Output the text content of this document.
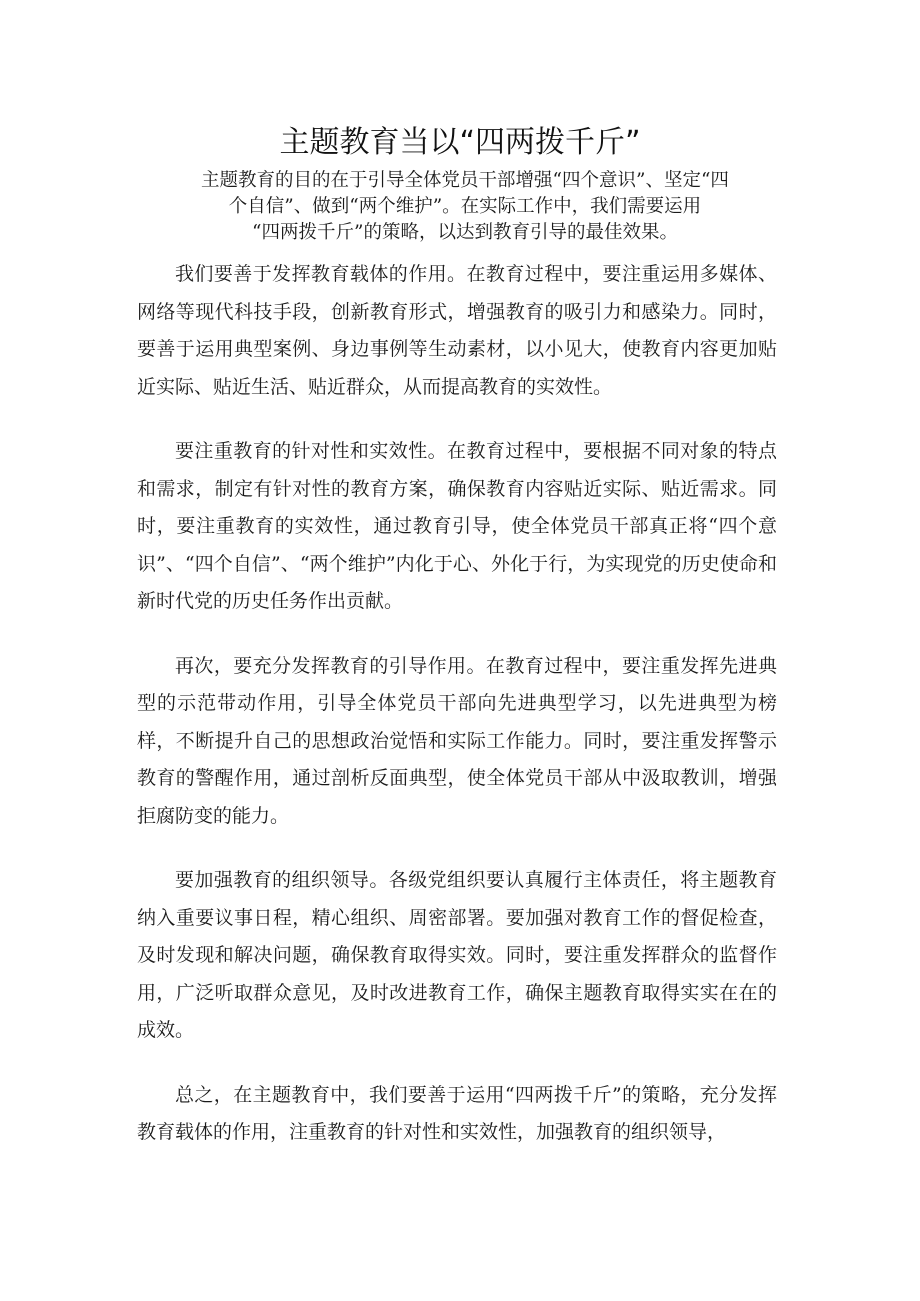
主题教育当以“四两拨千斤”
主题教育的目的在于引导全体党员干部增强“四个意识”、坚定“四
个自信”、做到“两个维护”。在实际工作中，我们需要运用
“四两拨千斤”的策略，以达到教育引导的最佳效果。

我们要善于发挥教育载体的作用。在教育过程中，要注重运用多媒体、网络等现代科技手段，创新教育形式，增强教育的吸引力和感染力。同时，要善于运用典型案例、身边事例等生动素材，以小见大，使教育内容更加贴近实际、贴近生活、贴近群众，从而提高教育的实效性。

要注重教育的针对性和实效性。在教育过程中，要根据不同对象的特点和需求，制定有针对性的教育方案，确保教育内容贴近实际、贴近需求。同时，要注重教育的实效性，通过教育引导，使全体党员干部真正将“四个意识”、“四个自信”、“两个维护”内化于心、外化于行，为实现党的历史使命和新时代党的历史任务作出贡献。

再次，要充分发挥教育的引导作用。在教育过程中，要注重发挥先进典型的示范带动作用，引导全体党员干部向先进典型学习，以先进典型为榜样，不断提升自己的思想政治觉悟和实际工作能力。同时，要注重发挥警示教育的警醒作用，通过剖析反面典型，使全体党员干部从中汲取教训，增强拒腐防变的能力。

要加强教育的组织领导。各级党组织要认真履行主体责任，将主题教育纳入重要议事日程，精心组织、周密部署。要加强对教育工作的督促检查，及时发现和解决问题，确保教育取得实效。同时，要注重发挥群众的监督作用，广泛听取群众意见，及时改进教育工作，确保主题教育取得实实在在的成效。

总之，在主题教育中，我们要善于运用“四两拨千斤”的策略，充分发挥教育载体的作用，注重教育的针对性和实效性，加强教育的组织领导，
